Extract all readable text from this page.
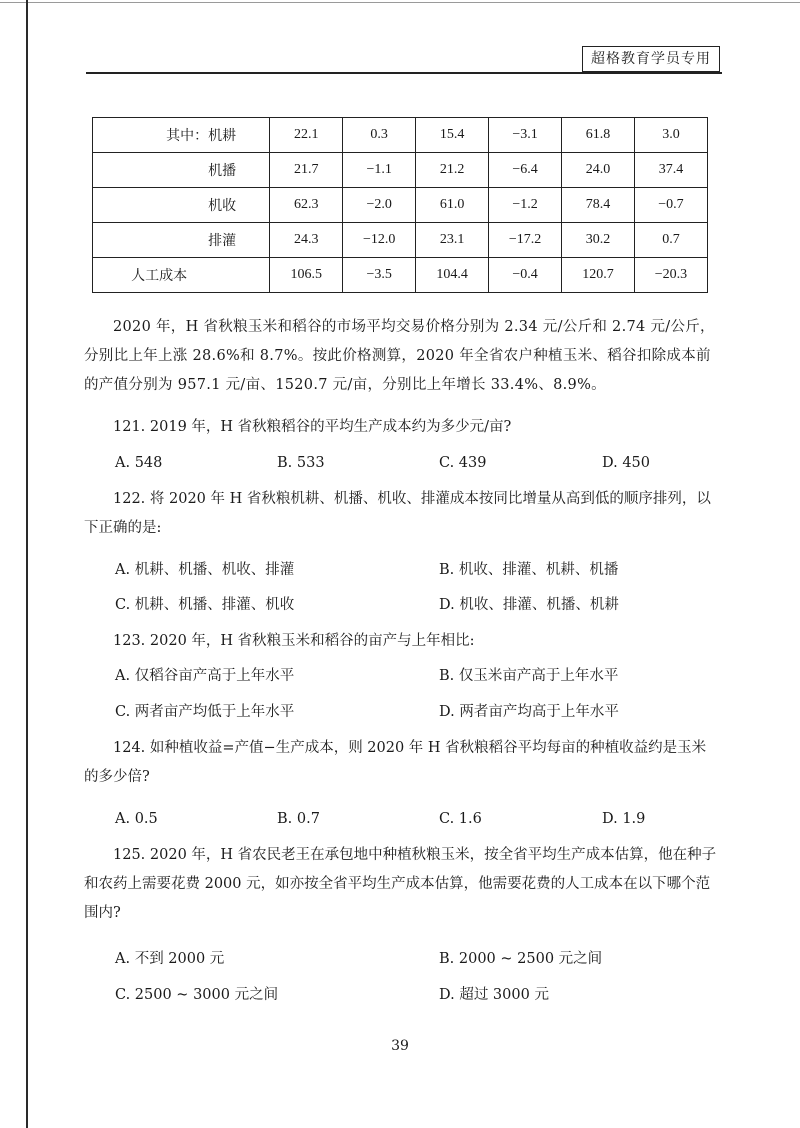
超格教育学员专用
其中：机耕	22.1	0.3	15.4	−3.1	61.8	3.0
机播	21.7	−1.1	21.2	−6.4	24.0	37.4
机收	62.3	−2.0	61.0	−1.2	78.4	−0.7
排灌	24.3	−12.0	23.1	−17.2	30.2	0.7
人工成本	106.5	−3.5	104.4	−0.4	120.7	−20.3

2020 年，H 省秋粮玉米和稻谷的市场平均交易价格分别为 2.34 元/公斤和 2.74 元/公斤，分别比上年上涨 28.6%和 8.7%。按此价格测算，2020 年全省农户种植玉米、稻谷扣除成本前的产值分别为 957.1 元/亩、1520.7 元/亩，分别比上年增长 33.4%、8.9%。

121. 2019 年，H 省秋粮稻谷的平均生产成本约为多少元/亩?
A. 548	B. 533	C. 439	D. 450
122. 将 2020 年 H 省秋粮机耕、机播、机收、排灌成本按同比增量从高到低的顺序排列，以下正确的是:
A. 机耕、机播、机收、排灌	B. 机收、排灌、机耕、机播
C. 机耕、机播、排灌、机收	D. 机收、排灌、机播、机耕
123. 2020 年，H 省秋粮玉米和稻谷的亩产与上年相比:
A. 仅稻谷亩产高于上年水平	B. 仅玉米亩产高于上年水平
C. 两者亩产均低于上年水平	D. 两者亩产均高于上年水平
124. 如种植收益=产值−生产成本，则 2020 年 H 省秋粮稻谷平均每亩的种植收益约是玉米的多少倍?
A. 0.5	B. 0.7	C. 1.6	D. 1.9
125. 2020 年，H 省农民老王在承包地中种植秋粮玉米，按全省平均生产成本估算，他在种子和农药上需要花费 2000 元，如亦按全省平均生产成本估算，他需要花费的人工成本在以下哪个范围内?
A. 不到 2000 元	B. 2000 ~ 2500 元之间
C. 2500 ~ 3000 元之间	D. 超过 3000 元
39
